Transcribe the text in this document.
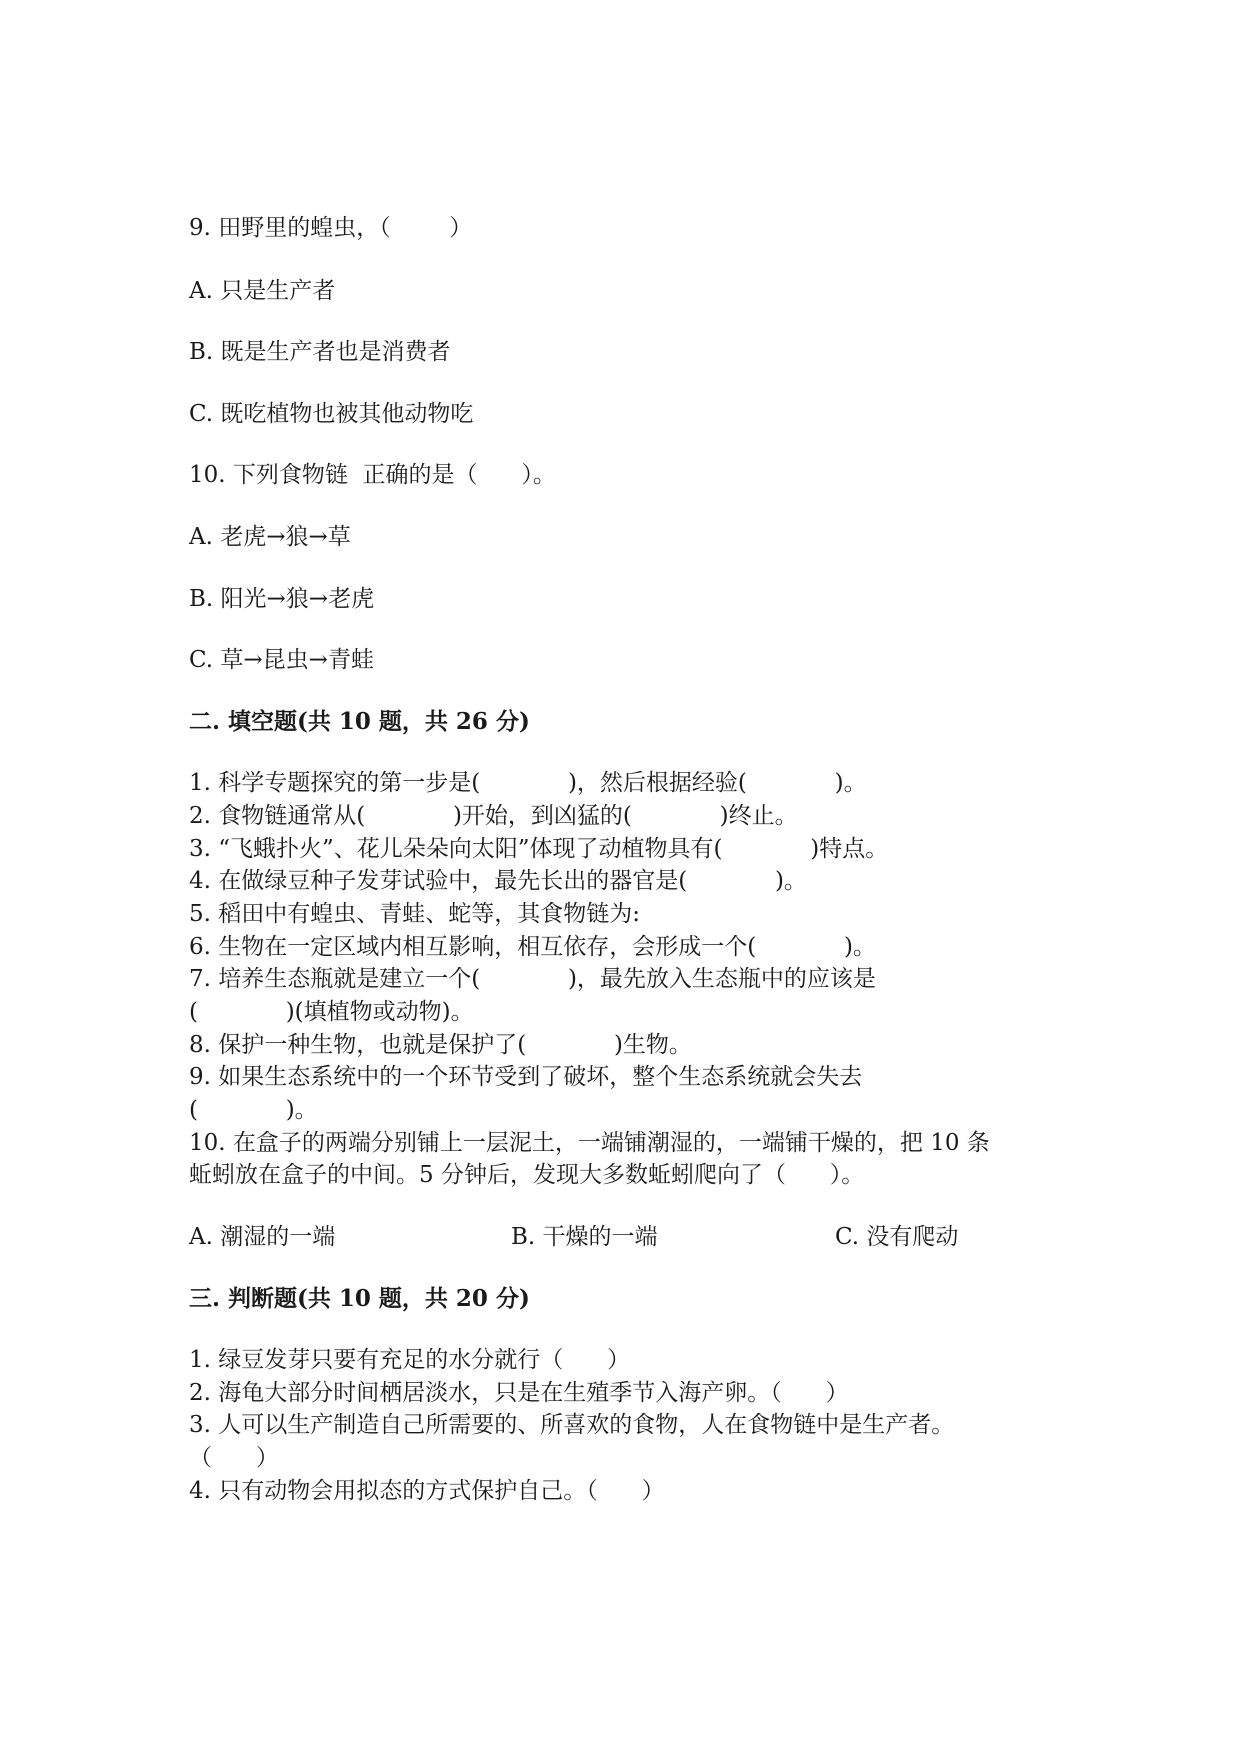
9. 田野里的蝗虫，（        ）
A. 只是生产者
B. 既是生产者也是消费者
C. 既吃植物也被其他动物吃
10. 下列食物链  正确的是（      ）。
A. 老虎→狼→草
B. 阳光→狼→老虎
C. 草→昆虫→青蛙
二. 填空题(共 10 题，共 26 分)
1. 科学专题探究的第一步是(            )，然后根据经验(            )。
2. 食物链通常从(            )开始，到凶猛的(            )终止。
3. “飞蛾扑火”、花儿朵朵向太阳”体现了动植物具有(            )特点。
4. 在做绿豆种子发芽试验中，最先长出的器官是(            )。
5. 稻田中有蝗虫、青蛙、蛇等，其食物链为:
6. 生物在一定区域内相互影响，相互依存，会形成一个(            )。
7. 培养生态瓶就是建立一个(            )，最先放入生态瓶中的应该是
(            )(填植物或动物)。
8. 保护一种生物，也就是保护了(            )生物。
9. 如果生态系统中的一个环节受到了破坏，整个生态系统就会失去
(            )。
10. 在盒子的两端分别铺上一层泥土，一端铺潮湿的，一端铺干燥的，把 10 条
蚯蚓放在盒子的中间。5 分钟后，发现大多数蚯蚓爬向了（      ）。
A. 潮湿的一端	B. 干燥的一端	C. 没有爬动
三. 判断题(共 10 题，共 20 分)
1. 绿豆发芽只要有充足的水分就行（      ）
2. 海龟大部分时间栖居淡水，只是在生殖季节入海产卵。（      ）
3. 人可以生产制造自己所需要的、所喜欢的食物，人在食物链中是生产者。
（      ）
4. 只有动物会用拟态的方式保护自己。（      ）
